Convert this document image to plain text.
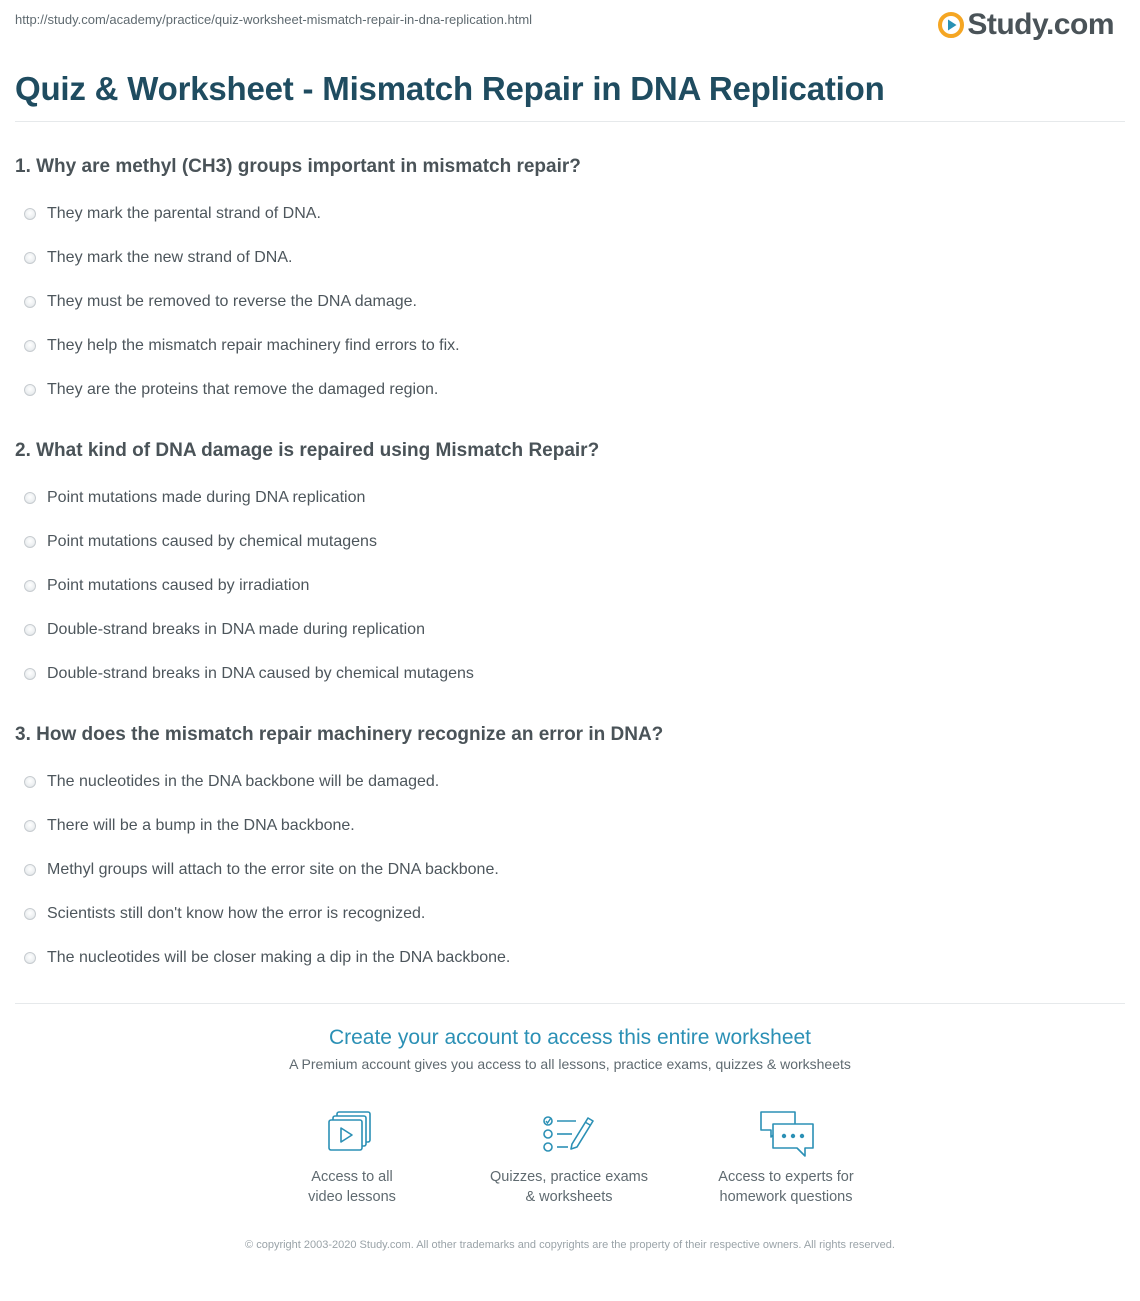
http://study.com/academy/practice/quiz-worksheet-mismatch-repair-in-dna-replication.html	Study.com
Quiz & Worksheet - Mismatch Repair in DNA Replication
1. Why are methyl (CH3) groups important in mismatch repair?
They mark the parental strand of DNA.
They mark the new strand of DNA.
They must be removed to reverse the DNA damage.
They help the mismatch repair machinery find errors to fix.
They are the proteins that remove the damaged region.
2. What kind of DNA damage is repaired using Mismatch Repair?
Point mutations made during DNA replication
Point mutations caused by chemical mutagens
Point mutations caused by irradiation
Double-strand breaks in DNA made during replication
Double-strand breaks in DNA caused by chemical mutagens
3. How does the mismatch repair machinery recognize an error in DNA?
The nucleotides in the DNA backbone will be damaged.
There will be a bump in the DNA backbone.
Methyl groups will attach to the error site on the DNA backbone.
Scientists still don't know how the error is recognized.
The nucleotides will be closer making a dip in the DNA backbone.
Create your account to access this entire worksheet
A Premium account gives you access to all lessons, practice exams, quizzes & worksheets
Access to all
video lessons
Quizzes, practice exams
& worksheets
Access to experts for
homework questions
© copyright 2003-2020 Study.com. All other trademarks and copyrights are the property of their respective owners. All rights reserved.
